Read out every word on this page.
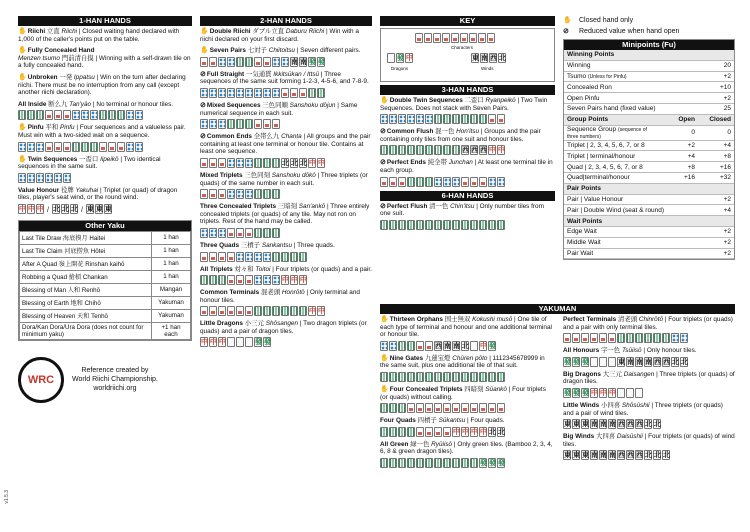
1-HAN HANDS
✋Riichi 立直 Riichi | Closed waiting hand declared with 1,000 of the caller's points put on the table.
✋Fully Concealed Hand
Menzen tsumo 門前清自摸 | Winning with a self-drawn tile on a fully concealed hand.
✋Unbroken 一発 Ippatsu | Win on the turn after declaring riichi. There must be no interruption from any call (except another riichi declaration).
All Inside 断么九 Tan'yāo | No terminal or honour tiles.
✋Pinfu 平和 Pinfu | Four sequences and a valueless pair. Must win with a two-sided wait on a sequence.
✋Twin Sequences 一盃口 Iipeikō | Two identical sequences in the same suit.
Value Honour 役牌 Yakuhai | Triplet (or quad) of dragon tiles, player's seat wind, or the round wind.
中 中 中 / 北 北 北 / 東 東 東
Other Yaku
Last Tile Draw 海底摸月 Haitei	1 han
Last Tile Claim 河底撈魚 Hōtei	1 han
After A Quad 嶺上開花 Rinshan kaihō	1 han
Robbing a Quad 搶槓 Chankan	1 han
Blessing of Man 人和 Renhō	Mangan
Blessing of Earth 地和 Chihō	Yakuman
Blessing of Heaven 天和 Tenhō	Yakuman
Dora/Kan Dora/Ura Dora (does not count for minimum yaku)	+1 han each
WRC
Reference created by
World Riichi Championship.
worldriichi.org
2-HAN HANDS
✋Double Riichi ダブル立直 Daburu Riichi | Win with a riichi declared on your first discard.
✋Seven Pairs 七対子 Chiitoitsu | Seven different pairs.
南 南 發 發
⊘Full Straight 一気通貫 Ikkitsūkan / Ittsū | Three sequences of the same suit forming 1-2-3, 4-5-6, and 7-8-9.
⊘Mixed Sequences 三色同順 Sanshoku dōjun | Same numerical sequence in each suit.
⊘Common Ends 全帯么九 Chanta | All groups and the pair containing at least one terminal or honour tile. Contains at least one sequence.
北 北 北 中 中
Mixed Triplets 三色同刻 Sanshoku dōkō | Three triplets (or quads) of the same number in each suit.
Three Concealed Triplets 三暗刻 San'ankō | Three entirely concealed triplets (or quads) of any tile. May not ron on triplets. Rest of the hand may be called.
Three Quads 三槓子 Sankantsu | Three quads.
All Triplets 対々和 Toitoi | Four triplets (or quads) and a pair.
中 中 中
Common Terminals 混老頭 Honrōtō | Only terminal and honour tiles.
中 中
Little Dragons 小三元 Shōsangen | Two dragon triplets (or quads) and a pair of dragon tiles.
中 中 中	發 發
KEY
Characters
發 中
Dragons
東 南 西 北
Winds
3-HAN HANDS
✋Double Twin Sequences 二盃口 Ryanpeikō | Two Twin Sequences. Does not stack with Seven Pairs.
⊘Common Flush 混一色 Hon'itsu | Groups and the pair containing only tiles from one suit and honour tiles.
西 西 西 中 中
⊘Perfect Ends 純全帯 Junchan | At least one terminal tile in each group.
6-HAN HANDS
⊘Perfect Flush 清一色 Chin'itsu | Only number tiles from one suit.
✋	Closed hand only
⊘	Reduced value when hand open
Minipoints (Fu)
Winning Points		
Winning		20
Tsumo (Unless for Pinfu)		+2
Concealed Ron		+10
Open Pinfu		+2
Seven Pairs hand (fixed value)		25
Group Points	Open	Closed
Sequence Group (sequence of three numbers)	0	0
Triplet | 2, 3, 4, 5, 6, 7, or 8	+2	+4
Triplet | terminal/honour	+4	+8
Quad | 2, 3, 4, 5, 6, 7, or 8	+8	+16
Quad|terminal/honour	+16	+32
Pair Points		
Pair | Value Honour		+2
Pair | Double Wind (seat & round)		+4
Wait Points		
Edge Wait		+2
Middle Wait		+2
Pair Wait		+2
YAKUMAN
✋Thirteen Orphans 国士無双 Kokushi musō | One tile of each type of terminal and honour and one additional terminal or honour tile.
西 南 南 北 中 發
✋Nine Gates 九蓮宝燈 Chūren pōto | 1112345678999 in the same suit, plus one additional tile of that suit.
✋Four Concealed Triplets 四暗刻 Sūankō | Four triplets (or quads) without calling.
Four Quads 四槓子 Sūkantsu | Four quads.
中 中 中 中 北 北
All Green 緑一色 Ryūiisō | Only green tiles. (Bamboo 2, 3, 4, 6, 8 & green dragon tiles).
發 發 發
Perfect Terminals 清老頭 Chinrōtō | Four triplets (or quads) and a pair with only terminal tiles.
All Honours 字一色 Tsūiisō | Only honour tiles.
發 發 發	東 南 南 南 西 西 北 北
Big Dragons 大三元 Daisangen | Three triplets (or quads) of dragon tiles.
發 發 發 中 中 中
Little Winds 小四喜 Shōsūshii | Three triplets (or quads) and a pair of wind tiles.
東 東 東 南 南 南 西 西 西 北 北
Big Winds 大四喜 Daisūshii | Four triplets (or quads) of wind tiles.
東 東 東 南 南 南 西 西 西 北 北 北
v1.5.3
